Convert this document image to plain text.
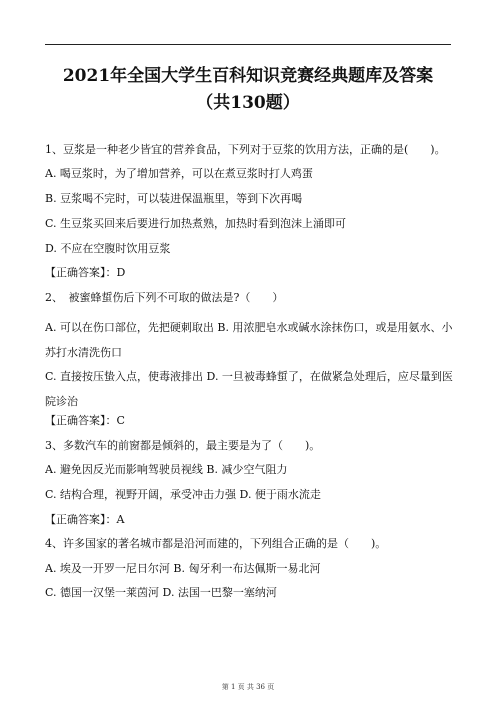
2021年全国大学生百科知识竞赛经典题库及答案
（共130题）
1、豆浆是一种老少皆宜的营养食品，下列对于豆浆的饮用方法，正确的是(　　)。
A. 喝豆浆时，为了增加营养，可以在煮豆浆时打人鸡蛋
B. 豆浆喝不完时，可以装进保温瓶里，等到下次再喝
C. 生豆浆买回来后要进行加热煮熟，加热时看到泡沫上涌即可
D. 不应在空腹时饮用豆浆
【正确答案】：D
2、　被蜜蜂蜇伤后下列不可取的做法是?（　　）
A. 可以在伤口部位，先把硬刺取出 B. 用浓肥皂水或碱水涂抹伤口，或是用氨水、小苏打水清洗伤口
C. 直接按压蛰入点，使毒液排出 D. 一旦被毒蜂蜇了，在做紧急处理后，应尽量到医院诊治
【正确答案】：C
3、多数汽车的前窗都是倾斜的，最主要是为了（　　)。
A. 避免因反光而影响驾驶员视线 B. 减少空气阻力
C. 结构合理，视野开阔，承受冲击力强 D. 便于雨水流走
【正确答案】：A
4、许多国家的著名城市都是沿河而建的，下列组合正确的是（　　)。
A. 埃及一开罗一尼日尔河 B. 匈牙利一布达佩斯一易北河
C. 德国一汉堡一莱茵河 D. 法国一巴黎一塞纳河
第 1 页 共 36 页
